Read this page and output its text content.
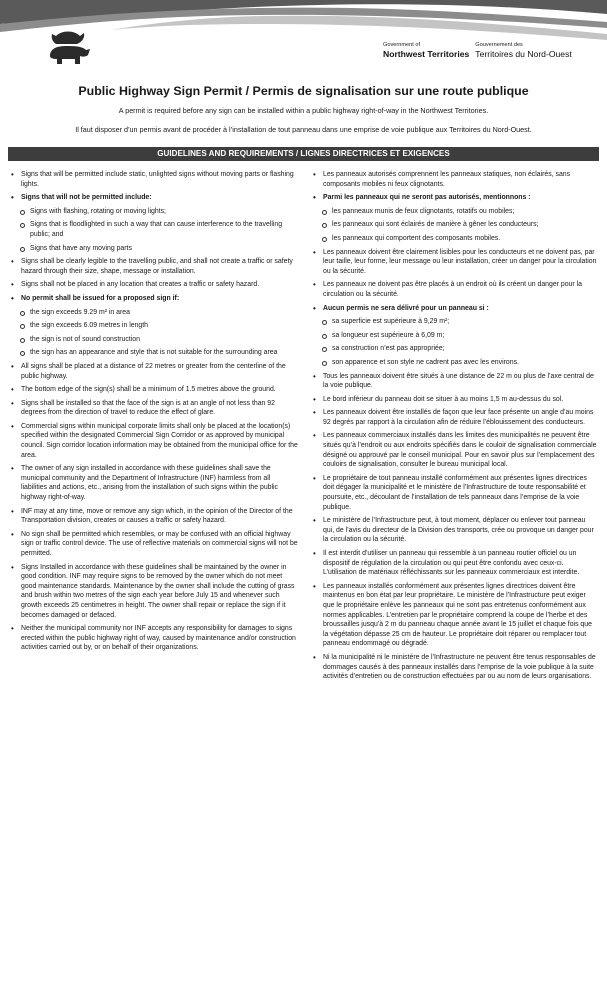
Government of
Northwest Territories
Gouvernement des
Territoires du Nord-Ouest
Public Highway Sign Permit / Permis de signalisation sur une route publique

A permit is required before any sign can be installed within a public highway right-of-way in the Northwest Territories.

Il faut disposer d’un permis avant de procéder à l’installation de tout panneau dans une emprise de voie publique aux Territoires du Nord-Ouest.

GUIDELINES AND REQUIREMENTS / LIGNES DIRECTRICES ET EXIGENCES
• Signs that will be permitted include static, unlighted signs without moving parts or flashing lights.
• Signs that will not be permitted include:
Signs with flashing, rotating or moving lights;
Signs that is floodlighted in such a way that can cause interference to the travelling public; and
Signs that have any moving parts
• Signs shall be clearly legible to the travelling public, and shall not create a traffic or safety hazard through their size, shape, message or installation.
• Signs shall not be placed in any location that creates a traffic or safety hazard.
• No permit shall be issued for a proposed sign if:
the sign exceeds 9.29 m² in area
the sign exceeds 6.09 metres in length
the sign is not of sound construction
the sign has an appearance and style that is not suitable for the surrounding area
• All signs shall be placed at a distance of 22 metres or greater from the centerline of the public highway.
• The bottom edge of the sign(s) shall be a minimum of 1.5 metres above the ground.
• Signs shall be installed so that the face of the sign is at an angle of not less than 92 degrees from the direction of travel to reduce the effect of glare.
• Commercial signs within municipal corporate limits shall only be placed at the location(s) specified within the designated Commercial Sign Corridor or as approved by municipal council. Sign corridor location information may be obtained from the municipal office for the area.
• The owner of any sign installed in accordance with these guidelines shall save the municipal community and the Department of Infrastructure (INF) harmless from all liabilities and actions, etc., arising from the installation of such signs within the public highway right-of-way.
• INF may at any time, move or remove any sign which, in the opinion of the Director of the Transportation division, creates or causes a traffic or safety hazard.
• No sign shall be permitted which resembles, or may be confused with an official highway sign or traffic control device. The use of reflective materials on commercial signs will not be permitted.
• Signs Installed in accordance with these guidelines shall be maintained by the owner in good condition. INF may require signs to be removed by the owner which do not meet good maintenance standards. Maintenance by the owner shall include the cutting of grass and brush within two metres of the sign each year before July 15 and whenever such growth exceeds 25 centimetres in height. The owner shall repair or replace the sign if it becomes damaged or defaced.
• Neither the municipal community nor INF accepts any responsibility for damages to signs erected within the public highway right of way, caused by maintenance and/or construction activities carried out by, or on behalf of their organizations.
• Les panneaux autorisés comprennent les panneaux statiques, non éclairés, sans composants mobiles ni feux clignotants.
• Parmi les panneaux qui ne seront pas autorisés, mentionnons :
les panneaux munis de feux clignotants, rotatifs ou mobiles;
les panneaux qui sont éclairés de manière à gêner les conducteurs;
les panneaux qui comportent des composants mobiles.
• Les panneaux doivent être clairement lisibles pour les conducteurs et ne doivent pas, par leur taille, leur forme, leur message ou leur installation, créer un danger pour la circulation ou la sécurité.
• Les panneaux ne doivent pas être placés à un endroit où ils créent un danger pour la circulation ou la sécurité.
• Aucun permis ne sera délivré pour un panneau si :
sa superficie est supérieure à 9,29 m²;
sa longueur est supérieure à 6,09 m;
sa construction n’est pas appropriée;
son apparence et son style ne cadrent pas avec les environs.
• Tous les panneaux doivent être situés à une distance de 22 m ou plus de l’axe central de la voie publique.
• Le bord inférieur du panneau doit se situer à au moins 1,5 m au-dessus du sol.
• Les panneaux doivent être installés de façon que leur face présente un angle d’au moins 92 degrés par rapport à la circulation afin de réduire l’éblouissement des conducteurs.
• Les panneaux commerciaux installés dans les limites des municipalités ne peuvent être situés qu’à l’endroit ou aux endroits spécifiés dans le couloir de signalisation commerciale désigné ou approuvé par le conseil municipal. Pour en savoir plus sur l’emplacement des couloirs de signalisation, consulter le bureau municipal local.
• Le propriétaire de tout panneau installé conformément aux présentes lignes directrices doit dégager la municipalité et le ministère de l’Infrastructure de toute responsabilité et poursuite, etc., découlant de l’installation de tels panneaux dans l’emprise de la voie publique.
• Le ministère de l’Infrastructure peut, à tout moment, déplacer ou enlever tout panneau qui, de l’avis du directeur de la Division des transports, crée ou provoque un danger pour la circulation ou la sécurité.
• Il est interdit d’utiliser un panneau qui ressemble à un panneau routier officiel ou un dispositif de régulation de la circulation ou qui peut être confondu avec ceux-ci. L’utilisation de matériaux réfléchissants sur les panneaux commerciaux est interdite.
• Les panneaux installés conformément aux présentes lignes directrices doivent être maintenus en bon état par leur propriétaire. Le ministère de l’Infrastructure peut exiger que le propriétaire enlève les panneaux qui ne sont pas entretenus conformément aux normes applicables. L’entretien par le propriétaire comprend la coupe de l’herbe et des broussailles jusqu’à 2 m du panneau chaque année avant le 15 juillet et chaque fois que la végétation dépasse 25 cm de hauteur. Le propriétaire doit réparer ou remplacer tout panneau endommagé ou dégradé.
• Ni la municipalité ni le ministère de l’Infrastructure ne peuvent être tenus responsables de dommages causés à des panneaux installés dans l’emprise de la voie publique à la suite activités d’entretien ou de construction effectuées par ou au nom de leurs organisations.
